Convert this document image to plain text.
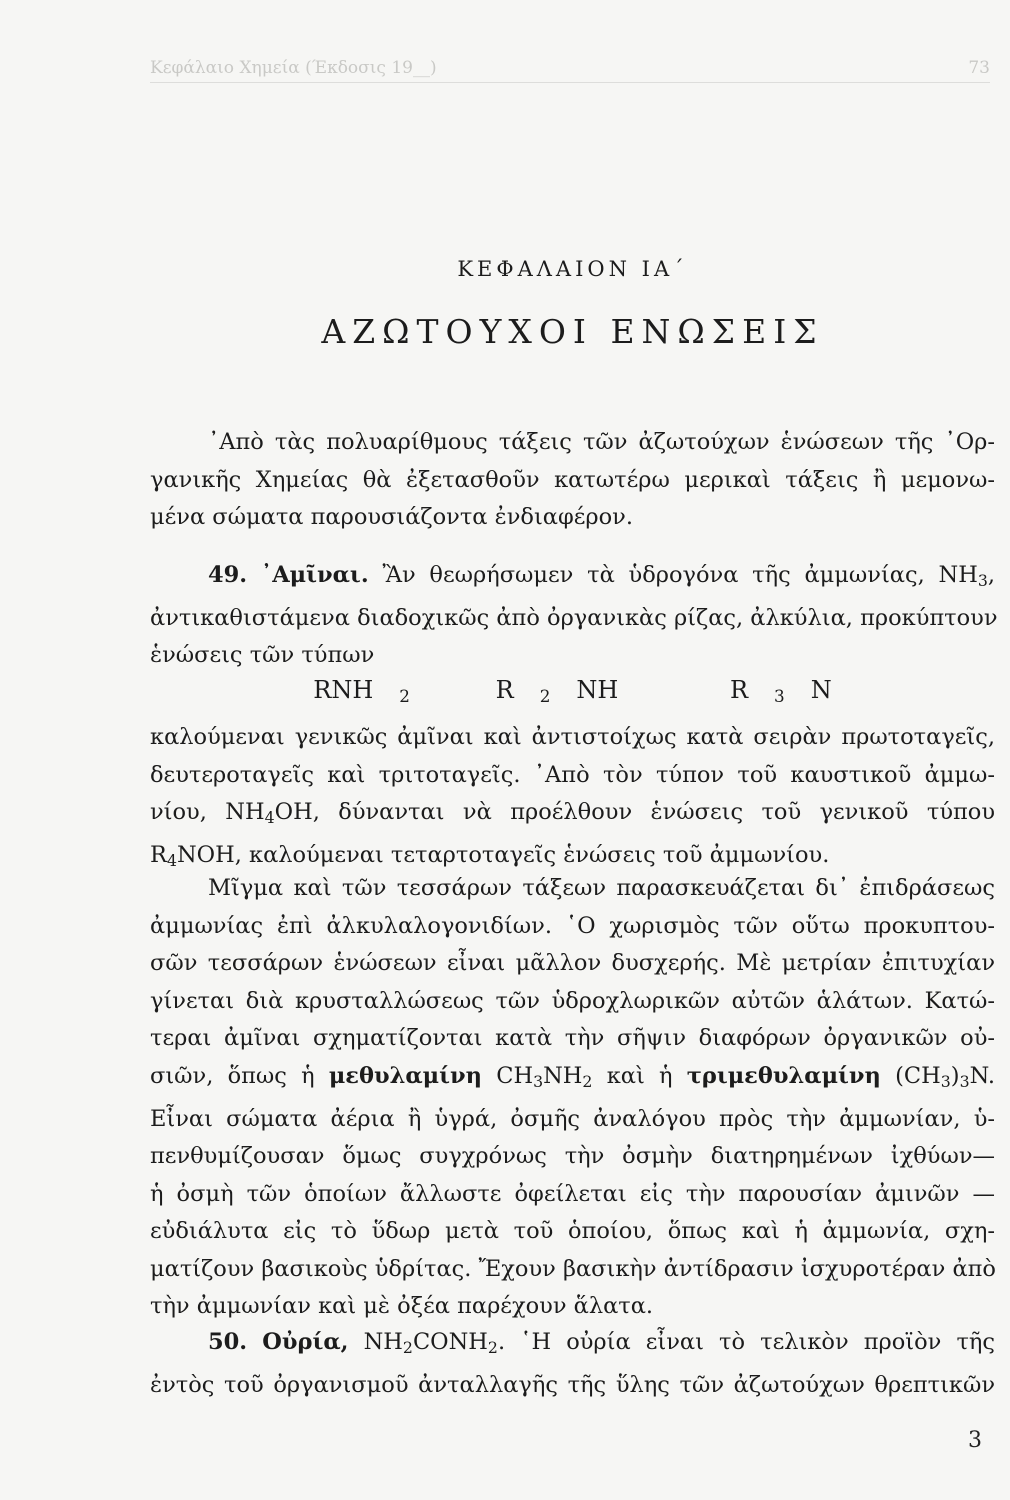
Κεφάλαιο Χημεία (Έκδοσις 19__)	73
ΚΕΦΑΛΑΙΟΝ ΙΑ΄
ΑΖΩΤΟΥΧΟΙ ΕΝΩΣΕΙΣ
᾿Απὸ τὰς πολυαρίθμους τάξεις τῶν ἀζωτούχων ἑνώσεων τῆς ᾿Ορ-
γανικῆς Χημείας θὰ ἐξετασθοῦν κατωτέρω μερικαὶ τάξεις ἢ μεμονω-
μένα σώματα παρουσιάζοντα ἐνδιαφέρον.
49. ᾿Αμῖναι. Ἂν θεωρήσωμεν τὰ ὑδρογόνα τῆς ἀμμωνίας, $NH_3$,
ἀντικαθιστάμενα διαδοχικῶς ἀπὸ ὀργανικὰς ρίζας, ἀλκύλια, προκύπτουν
ἑνώσεις τῶν τύπων
RNH $_2$	R $_2$ NH	R $_3$ N
καλούμεναι γενικῶς ἀμῖναι καὶ ἀντιστοίχως κατὰ σειρὰν πρωτοταγεῖς,
δευτεροταγεῖς καὶ τριτοταγεῖς. ᾿Απὸ τὸν τύπον τοῦ καυστικοῦ ἀμμω-
νίου, $NH_4OH$, δύνανται νὰ προέλθουν ἑνώσεις τοῦ γενικοῦ τύπου
$R_4NOH$, καλούμεναι τεταρτοταγεῖς ἑνώσεις τοῦ ἀμμωνίου.
Μῖγμα καὶ τῶν τεσσάρων τάξεων παρασκευάζεται δι᾿ ἐπιδράσεως
ἀμμωνίας ἐπὶ ἀλκυλαλογονιδίων. ῾Ο χωρισμὸς τῶν οὕτω προκυπτου-
σῶν τεσσάρων ἑνώσεων εἶναι μᾶλλον δυσχερής. Μὲ μετρίαν ἐπιτυχίαν
γίνεται διὰ κρυσταλλώσεως τῶν ὑδροχλωρικῶν αὐτῶν ἁλάτων. Κατώ-
τεραι ἀμῖναι σχηματίζονται κατὰ τὴν σῆψιν διαφόρων ὀργανικῶν οὐ-
σιῶν, ὅπως ἡ μεθυλαμίνη $CH_3NH_2$ καὶ ἡ τριμεθυλαμίνη $(CH_3)_3N$.
Εἶναι σώματα ἀέρια ἢ ὑγρά, ὀσμῆς ἀναλόγου πρὸς τὴν ἀμμωνίαν, ὑ-
πενθυμίζουσαν ὅμως συγχρόνως τὴν ὀσμὴν διατηρημένων ἰχθύων—
ἡ ὀσμὴ τῶν ὁποίων ἄλλωστε ὀφείλεται εἰς τὴν παρουσίαν ἀμινῶν —
εὐδιάλυτα εἰς τὸ ὕδωρ μετὰ τοῦ ὁποίου, ὅπως καὶ ἡ ἀμμωνία, σχη-
ματίζουν βασικοὺς ὑδρίτας. Ἔχουν βασικὴν ἀντίδρασιν ἰσχυροτέραν ἀπὸ
τὴν ἀμμωνίαν καὶ μὲ ὀξέα παρέχουν ἅλατα.
50. Οὐρία, $NH_2CONH_2$. ῾Η οὐρία εἶναι τὸ τελικὸν προϊὸν τῆς
ἐντὸς τοῦ ὀργανισμοῦ ἀνταλλαγῆς τῆς ὕλης τῶν ἀζωτούχων θρεπτικῶν
3
